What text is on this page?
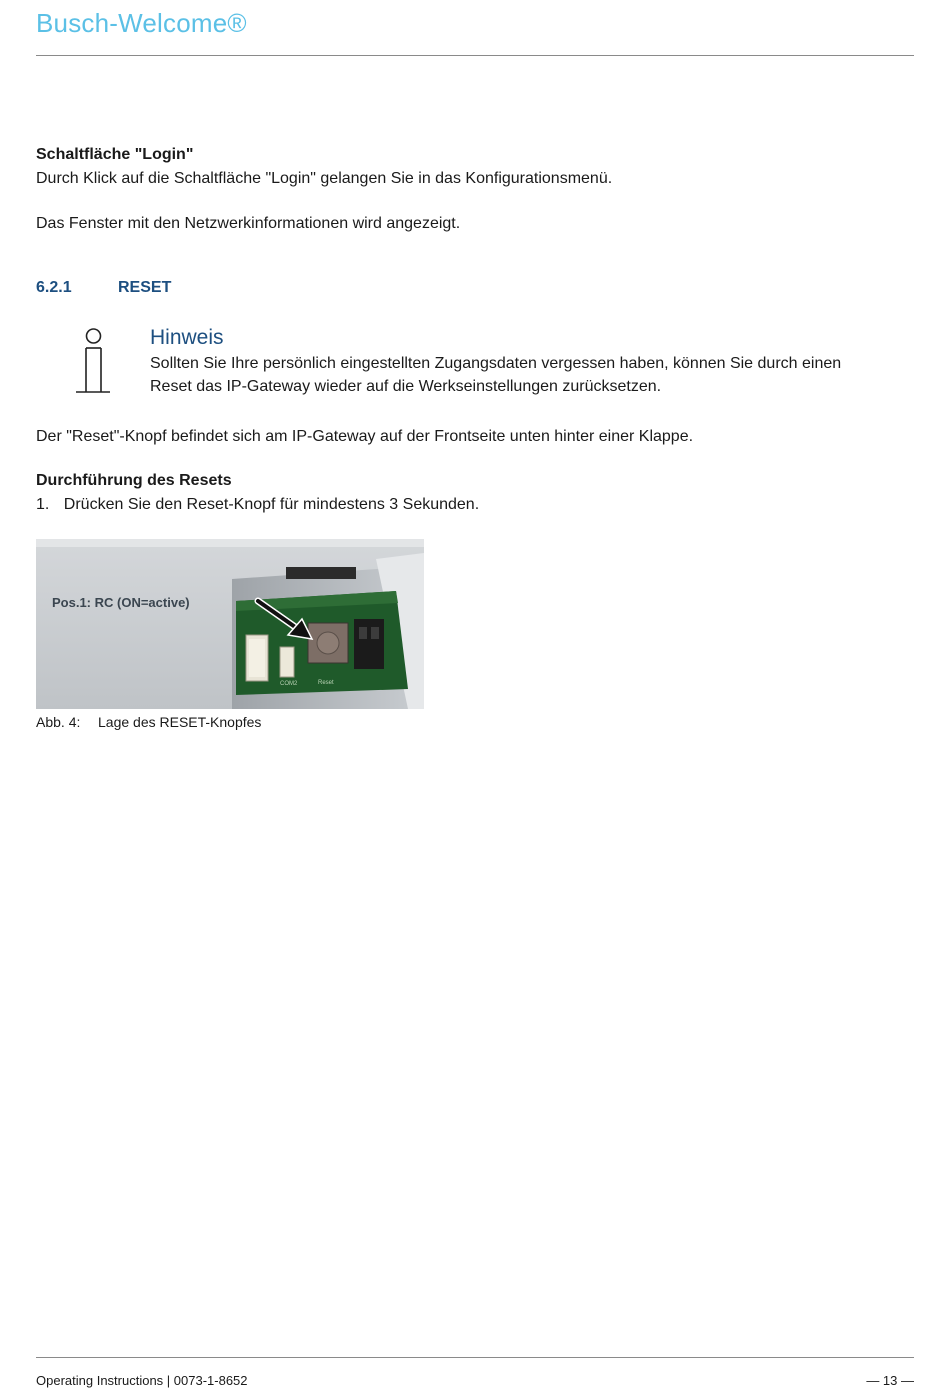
Busch-Welcome®
Schaltfläche "Login"
Durch Klick auf die Schaltfläche "Login" gelangen Sie in das Konfigurationsmenü.
Das Fenster mit den Netzwerkinformationen wird angezeigt.
6.2.1	RESET
Hinweis
Sollten Sie Ihre persönlich eingestellten Zugangsdaten vergessen haben, können Sie durch einen
Reset das IP-Gateway wieder auf die Werkseinstellungen zurücksetzen.
Der "Reset"-Knopf befindet sich am IP-Gateway auf der Frontseite unten hinter einer Klappe.
Durchführung des Resets
1. Drücken Sie den Reset-Knopf für mindestens 3 Sekunden.
Pos.1: RC (ON=active)
COM2	Reset
Abb. 4: Lage des RESET-Knopfes
Operating Instructions | 0073-1-8652	— 13 —
